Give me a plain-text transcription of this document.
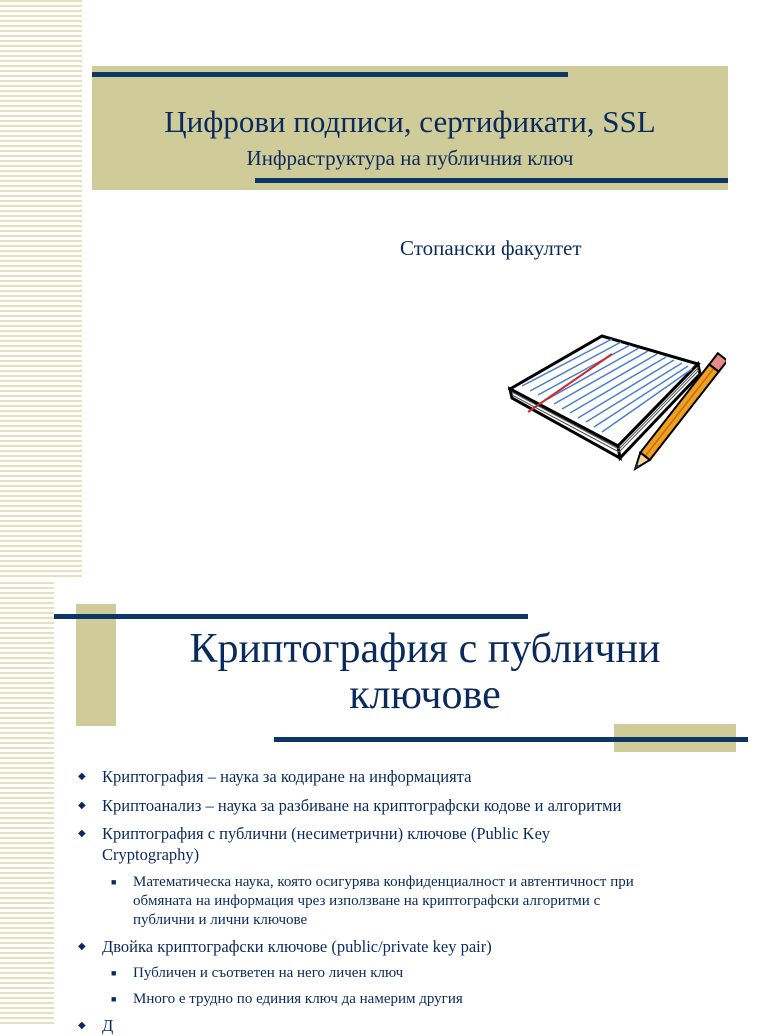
Цифрови подписи, сертификати, SSL
Инфраструктура на публичния ключ
Стопански факултет
Криптография с публични
ключове
◆ Криптография – наука за кодиране на информацията
◆ Криптоанализ – наука за разбиване на криптографски кодове и алгоритми
◆ Криптография с публични (несиметрични) ключове (Public Key
Cryptography)
■ Математическа наука, която осигурява конфиденциалност и автентичност при
обмяната на информация чрез използване на криптографски алгоритми с
публични и лични ключове
◆ Двойка криптографски ключове (public/private key pair)
■ Публичен и съответен на него личен ключ
■ Много е трудно по единия ключ да намерим другия
◆ Д
